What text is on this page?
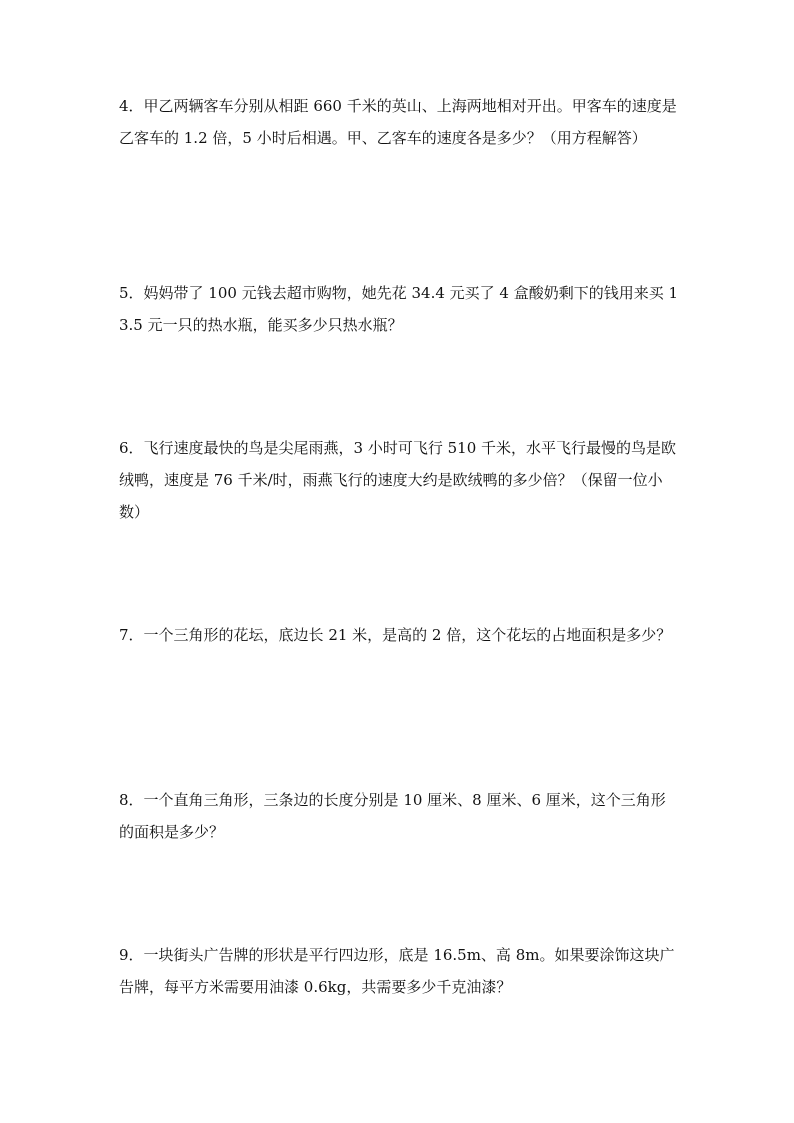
4．甲乙两辆客车分别从相距 660 千米的英山、上海两地相对开出。甲客车的速度是乙客车的 1.2 倍，5 小时后相遇。甲、乙客车的速度各是多少？（用方程解答）
5．妈妈带了 100 元钱去超市购物，她先花 34.4 元买了 4 盒酸奶剩下的钱用来买 13.5 元一只的热水瓶，能买多少只热水瓶？
6．飞行速度最快的鸟是尖尾雨燕，3 小时可飞行 510 千米，水平飞行最慢的鸟是欧绒鸭，速度是 76 千米/时，雨燕飞行的速度大约是欧绒鸭的多少倍？（保留一位小数）
7．一个三角形的花坛，底边长 21 米，是高的 2 倍，这个花坛的占地面积是多少？
8．一个直角三角形，三条边的长度分别是 10 厘米、8 厘米、6 厘米，这个三角形的面积是多少？
9．一块街头广告牌的形状是平行四边形，底是 16.5m、高 8m。如果要涂饰这块广告牌，每平方米需要用油漆 0.6kg，共需要多少千克油漆？
